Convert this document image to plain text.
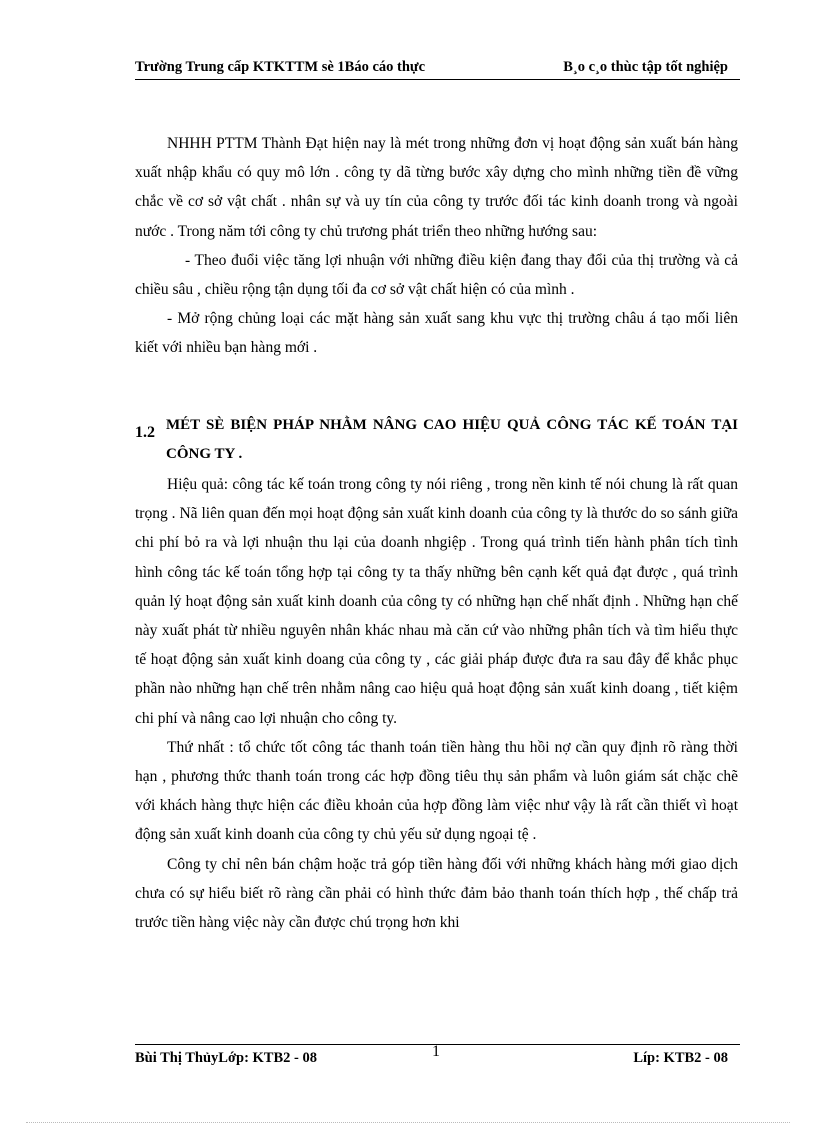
Trường Trung cấp KTKTTM sè 1Báo cáo thực	B¸o c¸o thùc tập tốt nghiệp

NHHH PTTM Thành Đạt hiện nay là mét trong những đơn vị hoạt động sản xuất bán hàng xuất nhập khẩu có quy mô lớn . công ty dã từng bước xây dựng cho mình những tiền đề vững chắc về cơ sở vật chất . nhân sự và uy tín của công ty trước đối tác kinh doanh trong và ngoài nước . Trong năm tới công ty chủ trương phát triển theo những hướng sau:

- Theo đuổi việc tăng lợi nhuận với những điều kiện đang thay đổi của thị trường và cả chiều sâu , chiều rộng tận dụng tối đa cơ sở vật chất hiện có của mình .

- Mở rộng chủng loại các mặt hàng sản xuất sang khu vực thị trường châu á tạo mối liên kiết với nhiều bạn hàng mới .

1.2 MÉT SÈ BIỆN PHÁP NHẰM NÂNG CAO HIỆU QUẢ CÔNG TÁC KẾ TOÁN TẠI CÔNG TY .

Hiệu quả: công tác kế toán trong công ty nói riêng , trong nền kinh tế nói chung là rất quan trọng . Nã liên quan đến mọi hoạt động sản xuất kinh doanh của công ty là thước do so sánh giữa chi phí bỏ ra và lợi nhuận thu lại của doanh nhgiệp . Trong quá trình tiến hành phân tích tình hình công tác kế toán tổng hợp tại công ty ta thấy những bên cạnh kết quả đạt được , quá trình quản lý hoạt động sản xuất kinh doanh của công ty có những hạn chế nhất định . Những hạn chế này xuất phát từ nhiều nguyên nhân khác nhau mà căn cứ vào những phân tích và tìm hiểu thực tế hoạt động sản xuất kinh doang của công ty , các giải pháp được đưa ra sau đây để khắc phục phần nào những hạn chế trên nhằm nâng cao hiệu quả hoạt động sản xuất kinh doang , tiết kiệm chi phí và nâng cao lợi nhuận cho công ty.

Thứ nhất : tổ chức tốt công tác thanh toán tiền hàng thu hồi nợ cần quy định rõ ràng thời hạn , phương thức thanh toán trong các hợp đồng tiêu thụ sản phẩm và luôn giám sát chặc chẽ với khách hàng thực hiện các điều khoản của hợp đồng làm việc như vậy là rất cần thiết vì hoạt động sản xuất kinh doanh của công ty chủ yếu sử dụng ngoại tệ .

Công ty chỉ nên bán chậm hoặc trả góp tiền hàng đối với những khách hàng mới giao dịch chưa có sự hiểu biết rõ ràng cần phải có hình thức đảm bảo thanh toán thích hợp , thế chấp trả trước tiền hàng việc này cần được chú trọng hơn khi

Bùi Thị ThủyLớp: KTB2 - 08	1	Líp: KTB2 - 08
